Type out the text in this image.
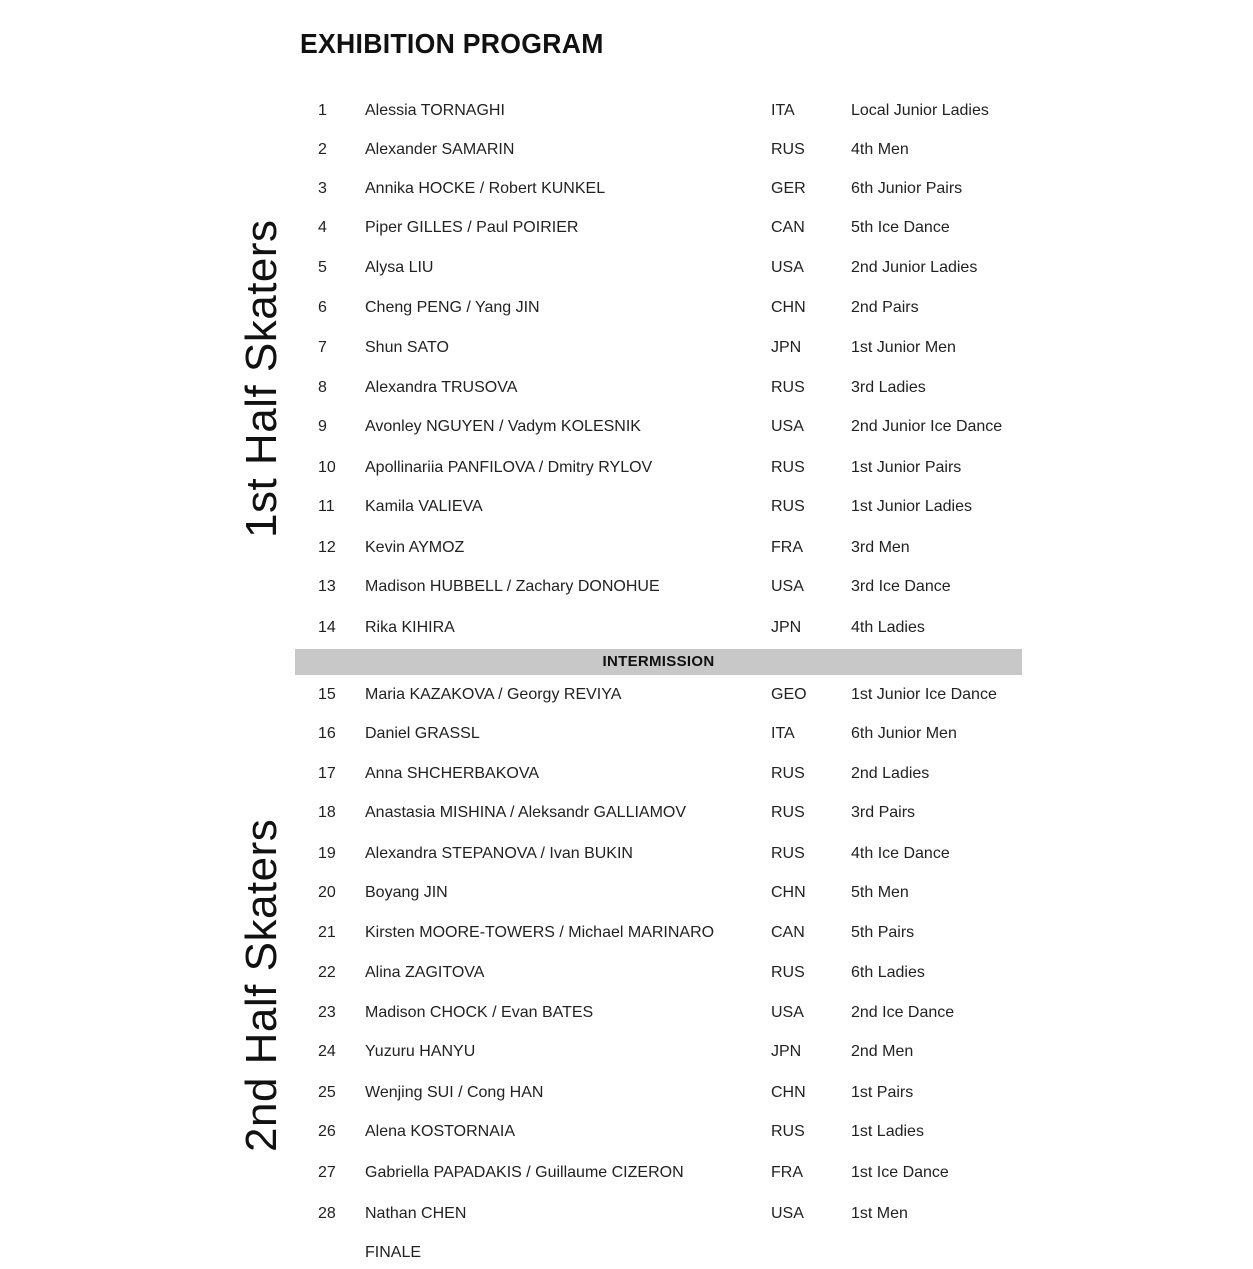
EXHIBITION PROGRAM
1st Half Skaters
2nd Half Skaters
1	Alessia TORNAGHI	ITA	Local Junior Ladies
2	Alexander SAMARIN	RUS	4th Men
3	Annika HOCKE / Robert KUNKEL	GER	6th Junior Pairs
4	Piper GILLES / Paul POIRIER	CAN	5th Ice Dance
5	Alysa LIU	USA	2nd Junior Ladies
6	Cheng PENG / Yang JIN	CHN	2nd Pairs
7	Shun SATO	JPN	1st Junior Men
8	Alexandra TRUSOVA	RUS	3rd Ladies
9	Avonley NGUYEN / Vadym KOLESNIK	USA	2nd Junior Ice Dance
10	Apollinariia PANFILOVA / Dmitry RYLOV	RUS	1st Junior Pairs
11	Kamila VALIEVA	RUS	1st Junior Ladies
12	Kevin AYMOZ	FRA	3rd Men
13	Madison HUBBELL / Zachary DONOHUE	USA	3rd Ice Dance
14	Rika KIHIRA	JPN	4th Ladies
INTERMISSION
15	Maria KAZAKOVA / Georgy REVIYA	GEO	1st Junior Ice Dance
16	Daniel GRASSL	ITA	6th Junior Men
17	Anna SHCHERBAKOVA	RUS	2nd Ladies
18	Anastasia MISHINA / Aleksandr GALLIAMOV	RUS	3rd Pairs
19	Alexandra STEPANOVA / Ivan BUKIN	RUS	4th Ice Dance
20	Boyang JIN	CHN	5th Men
21	Kirsten MOORE-TOWERS / Michael MARINARO	CAN	5th Pairs
22	Alina ZAGITOVA	RUS	6th Ladies
23	Madison CHOCK / Evan BATES	USA	2nd Ice Dance
24	Yuzuru HANYU	JPN	2nd Men
25	Wenjing SUI / Cong HAN	CHN	1st Pairs
26	Alena KOSTORNAIA	RUS	1st Ladies
27	Gabriella PAPADAKIS / Guillaume CIZERON	FRA	1st Ice Dance
28	Nathan CHEN	USA	1st Men
FINALE
